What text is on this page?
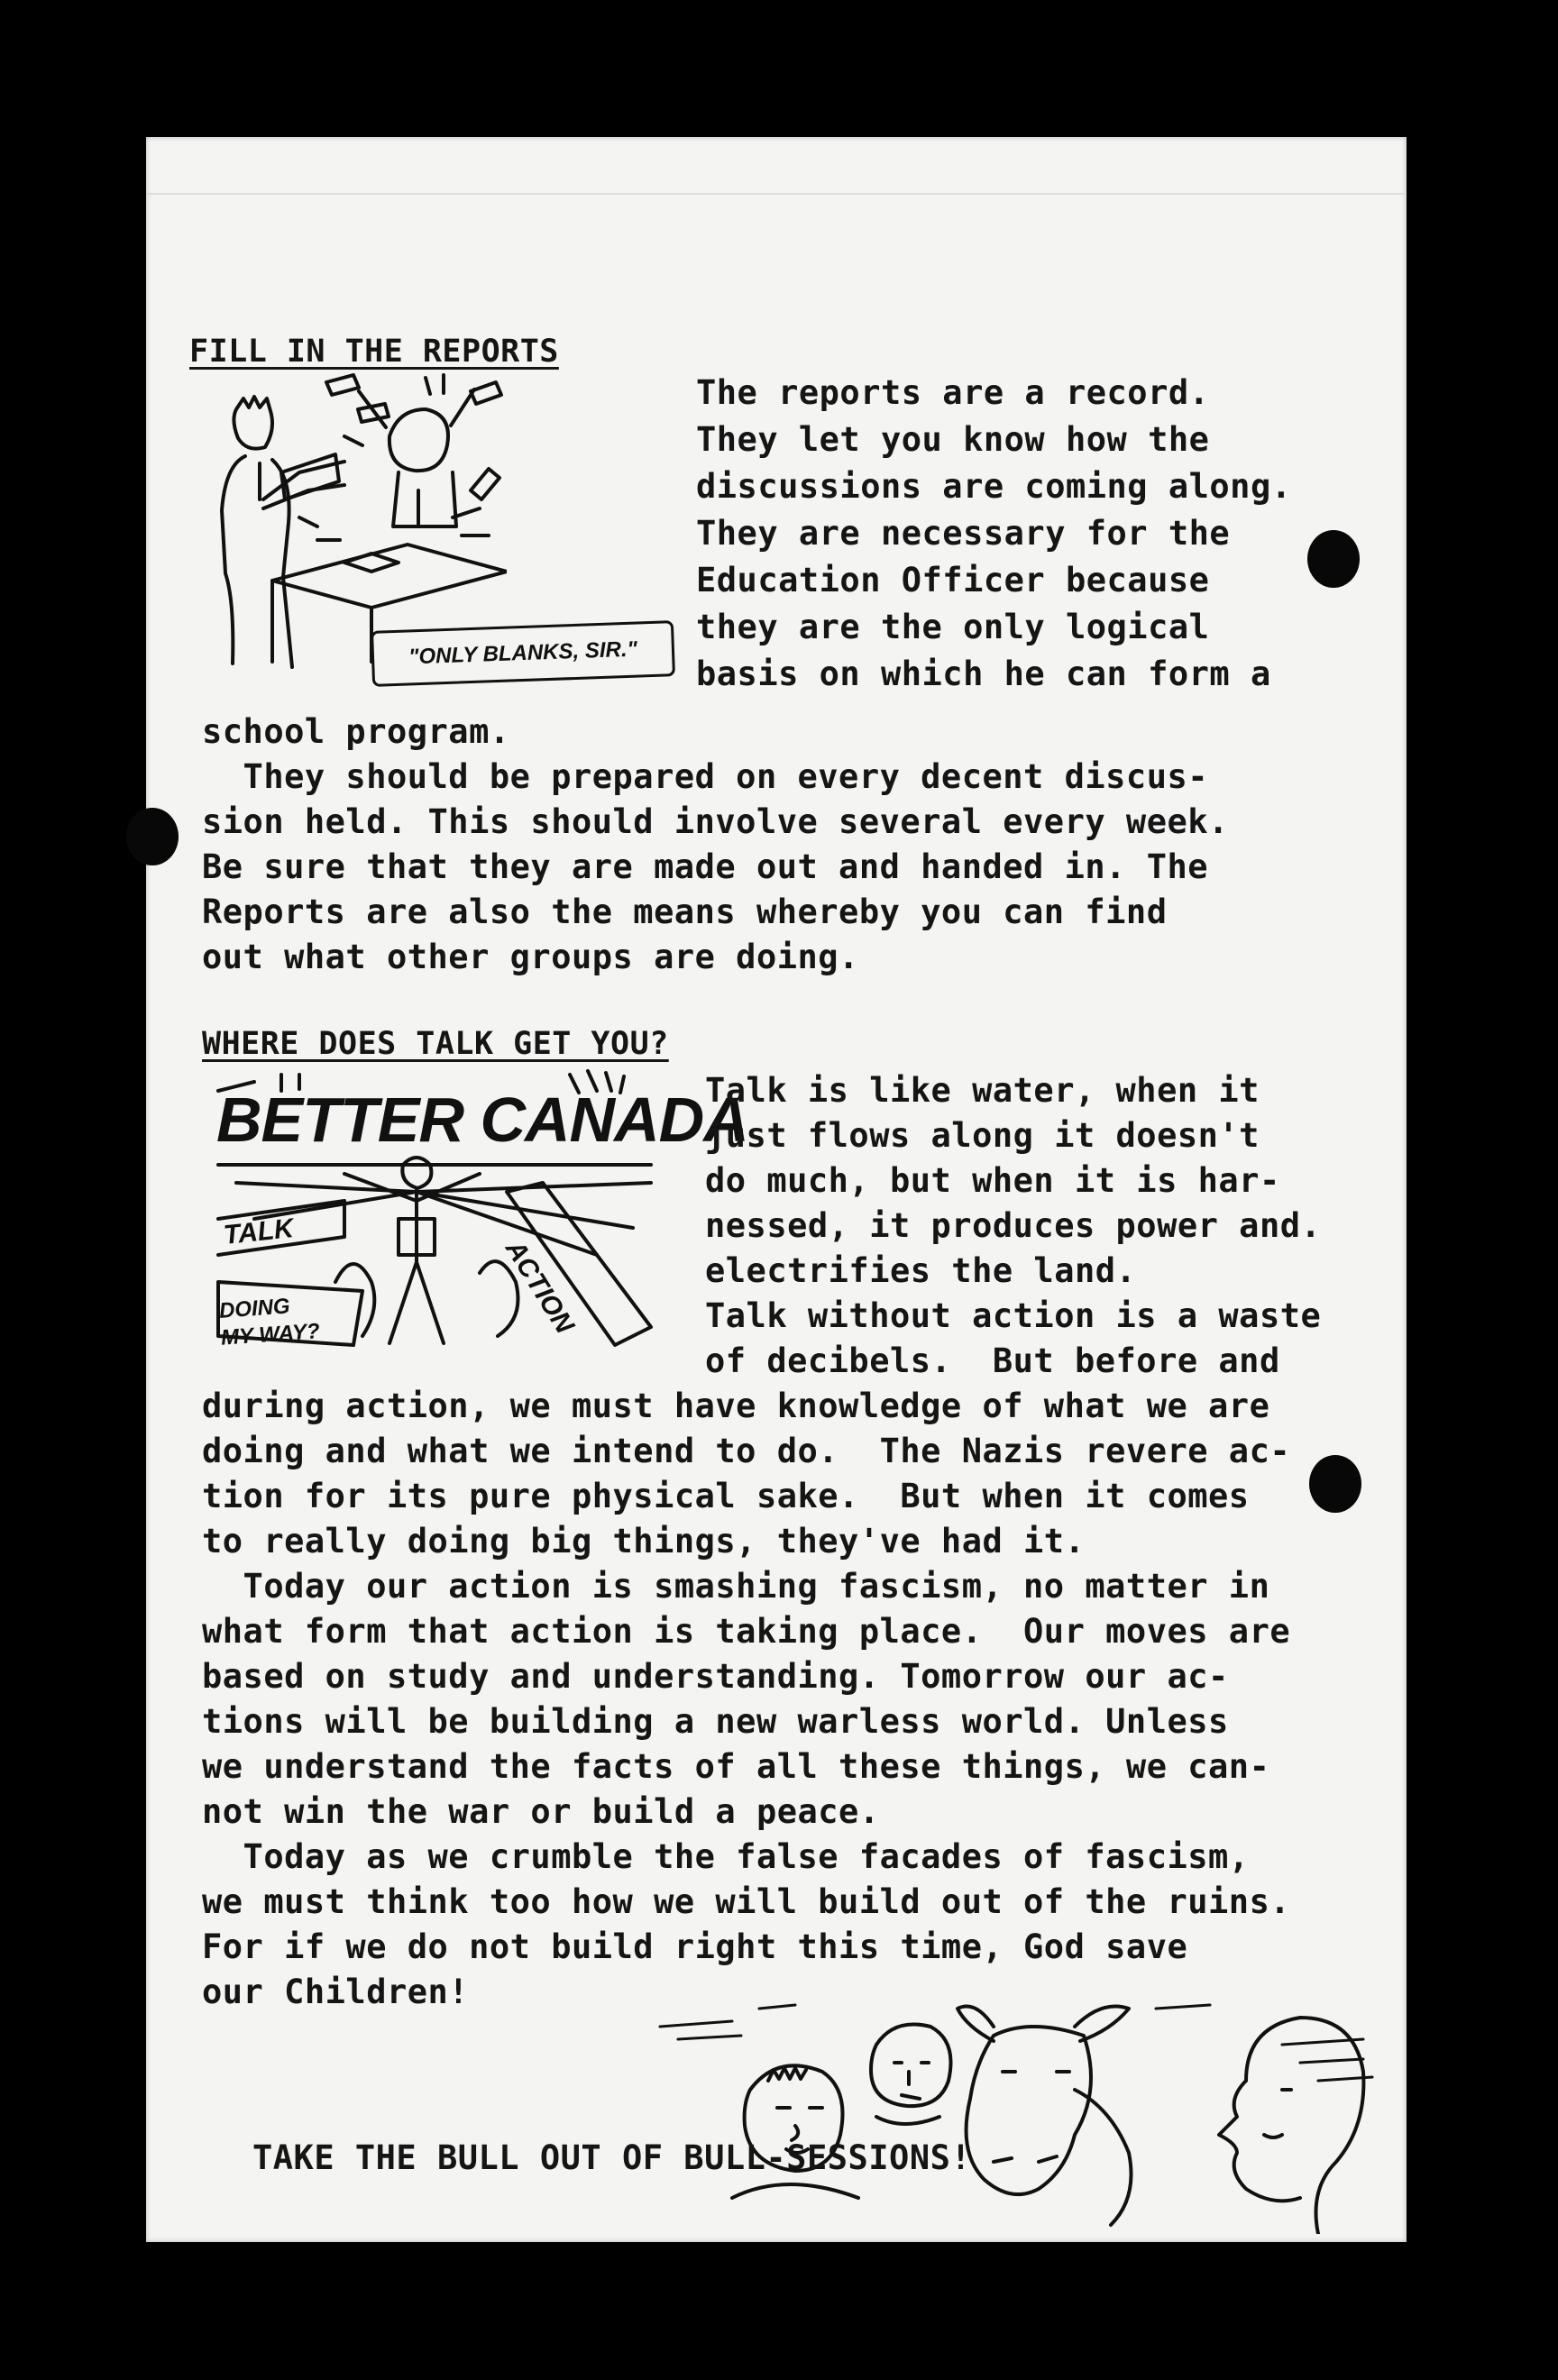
FILL IN THE REPORTS
"ONLY BLANKS, SIR."
The reports are a record.
They let you know how the
discussions are coming along.
They are necessary for the
Education Officer because
they are the only logical
basis on which he can form a
school program.
They should be prepared on every decent discus-
sion held. This should involve several every week.
Be sure that they are made out and handed in. The
Reports are also the means whereby you can find
out what other groups are doing.
WHERE DOES TALK GET YOU?
BETTER CANADA
TALK
ACTION
DOING
MY WAY?
Talk is like water, when it
just flows along it doesn't
do much, but when it is har-
nessed, it produces power and.
electrifies the land.
Talk without action is a waste
of decibels.  But before and
during action, we must have knowledge of what we are
doing and what we intend to do.  The Nazis revere ac-
tion for its pure physical sake.  But when it comes
to really doing big things, they've had it.
Today our action is smashing fascism, no matter in
what form that action is taking place.  Our moves are
based on study and understanding. Tomorrow our ac-
tions will be building a new warless world. Unless
we understand the facts of all these things, we can-
not win the war or build a peace.
Today as we crumble the false facades of fascism,
we must think too how we will build out of the ruins.
For if we do not build right this time, God save
our Children!
TAKE THE BULL OUT OF BULL-SESSIONS!
